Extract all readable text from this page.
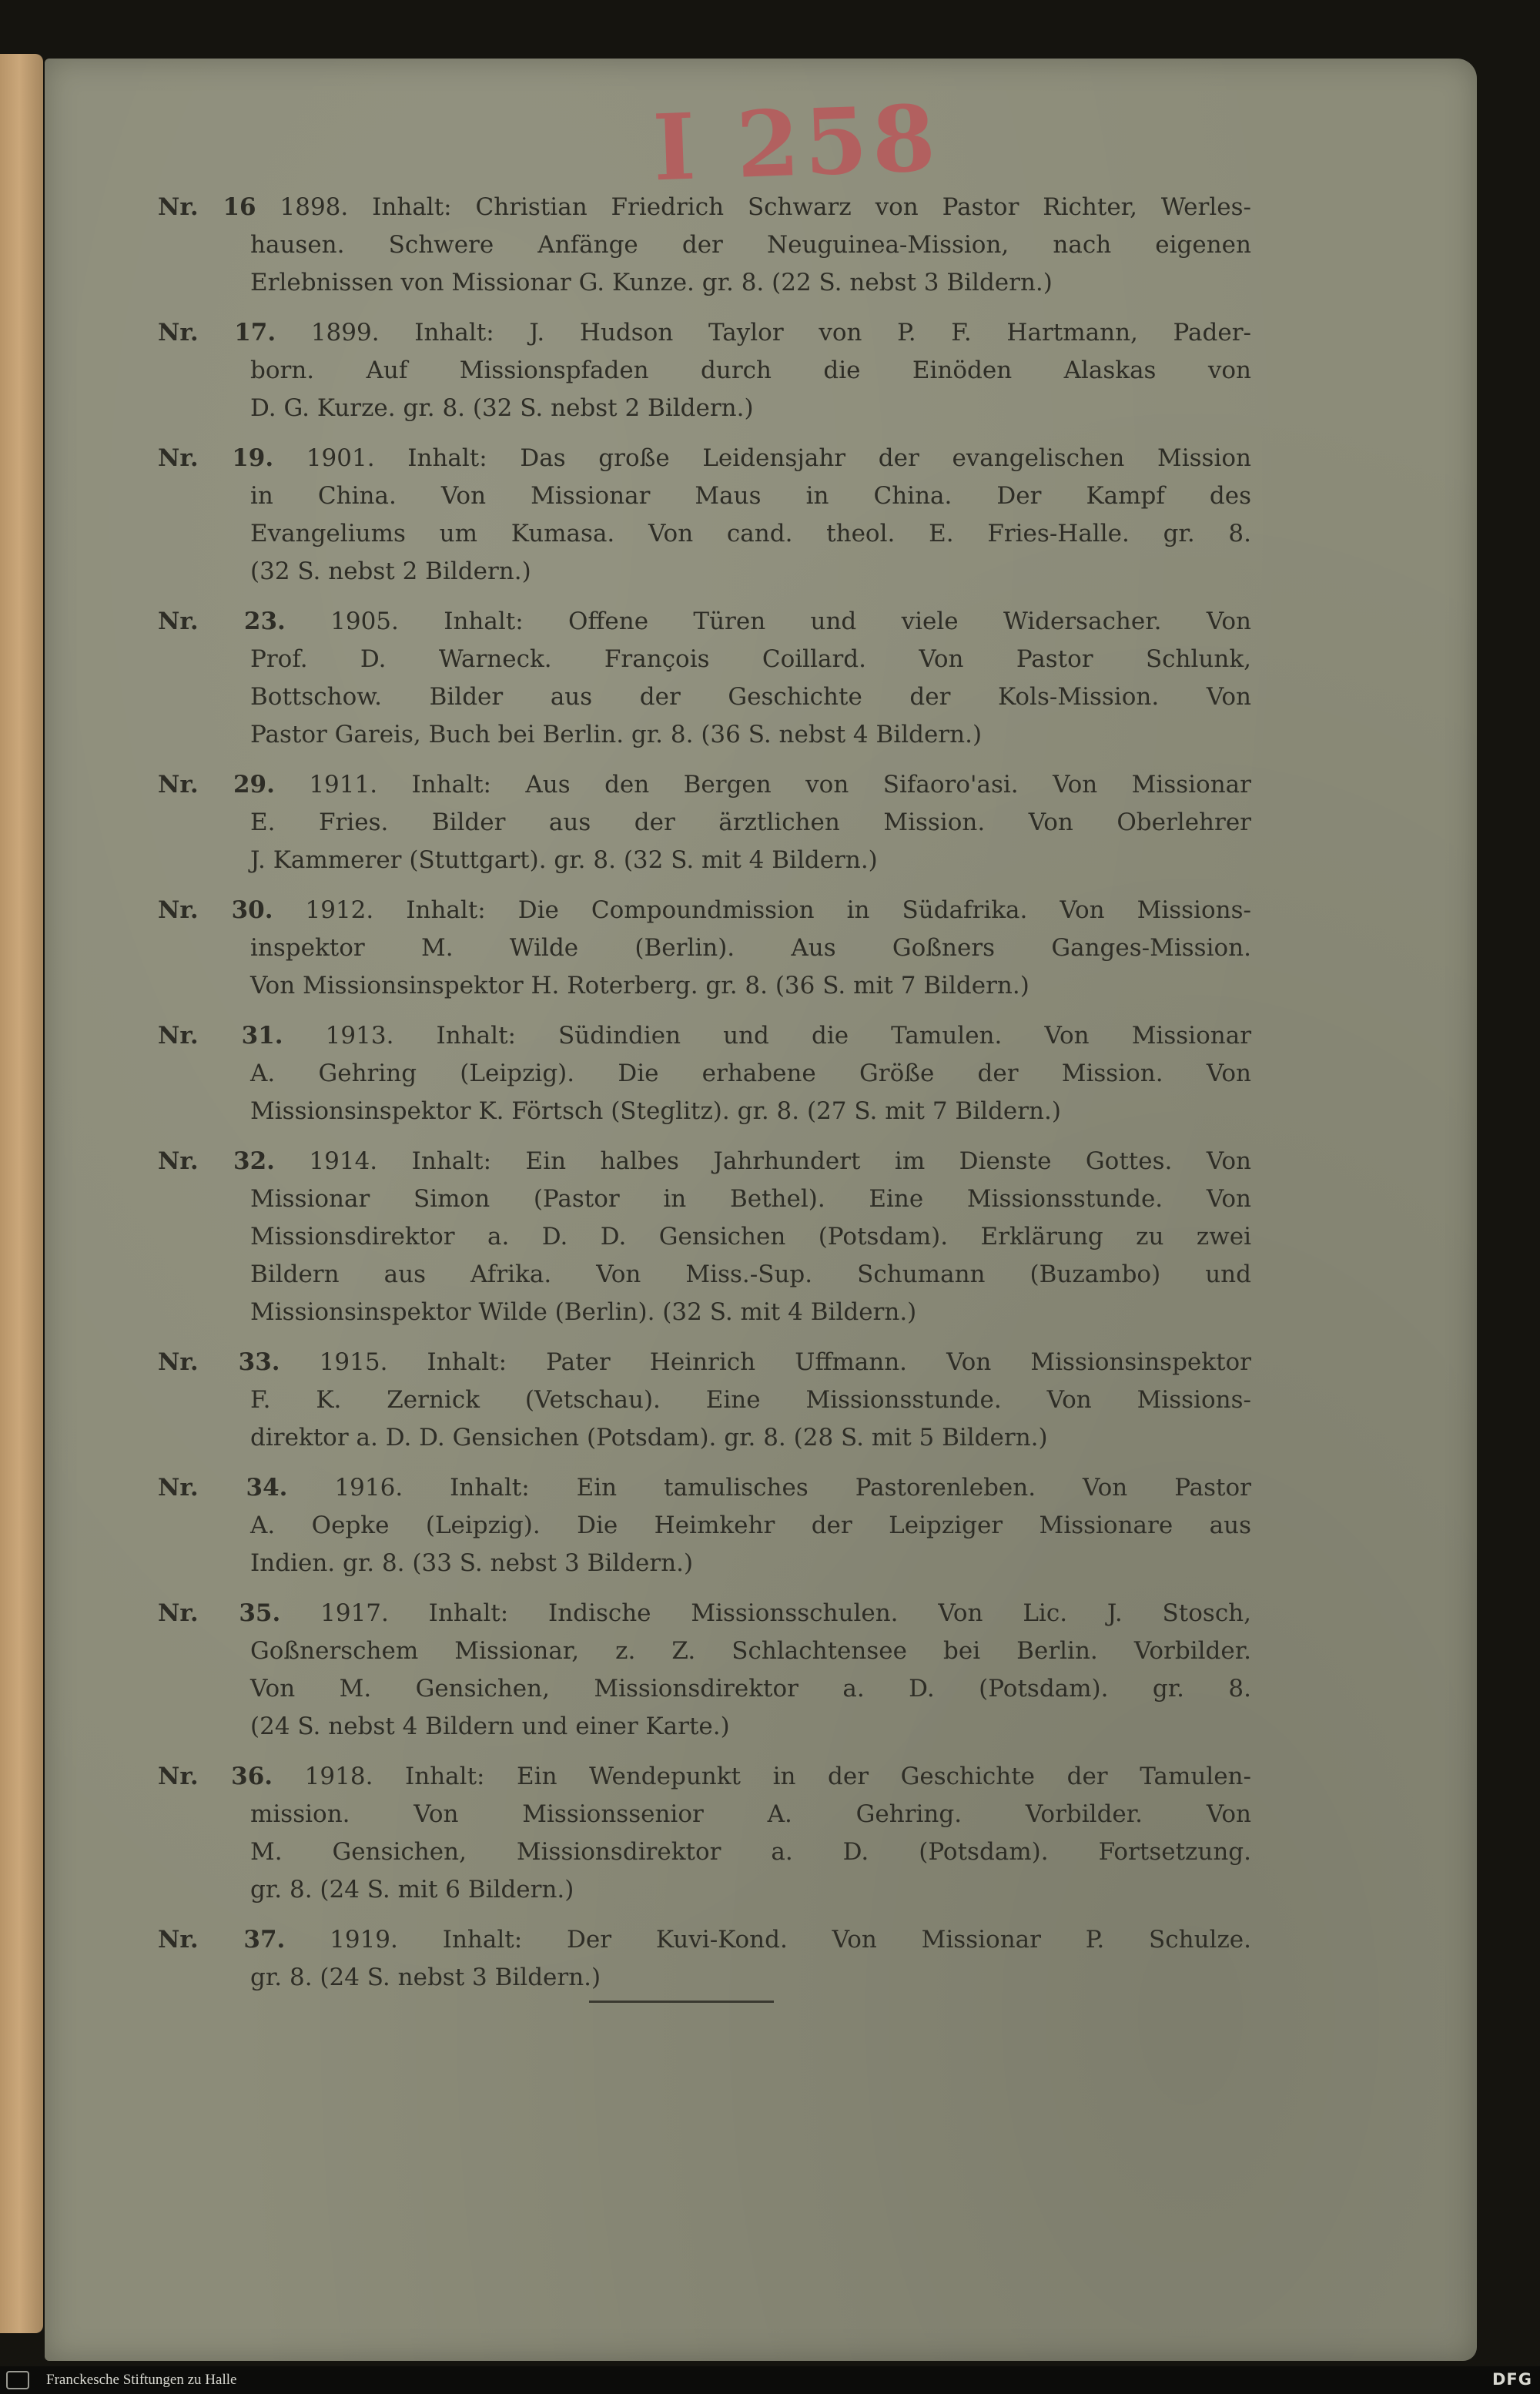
I 258
Nr. 16 1898. Inhalt: Christian Friedrich Schwarz von Pastor Richter, Werles-
hausen. Schwere Anfänge der Neuguinea-Mission, nach eigenen
Erlebnissen von Missionar G. Kunze. gr. 8. (22 S. nebst 3 Bildern.)
Nr. 17. 1899. Inhalt: J. Hudson Taylor von P. F. Hartmann, Pader-
born. Auf Missionspfaden durch die Einöden Alaskas von
D. G. Kurze. gr. 8. (32 S. nebst 2 Bildern.)
Nr. 19. 1901. Inhalt: Das große Leidensjahr der evangelischen Mission
in China. Von Missionar Maus in China. Der Kampf des
Evangeliums um Kumasa. Von cand. theol. E. Fries-Halle. gr. 8.
(32 S. nebst 2 Bildern.)
Nr. 23. 1905. Inhalt: Offene Türen und viele Widersacher. Von
Prof. D. Warneck. François Coillard. Von Pastor Schlunk,
Bottschow. Bilder aus der Geschichte der Kols-Mission. Von
Pastor Gareis, Buch bei Berlin. gr. 8. (36 S. nebst 4 Bildern.)
Nr. 29. 1911. Inhalt: Aus den Bergen von Sifaoro'asi. Von Missionar
E. Fries. Bilder aus der ärztlichen Mission. Von Oberlehrer
J. Kammerer (Stuttgart). gr. 8. (32 S. mit 4 Bildern.)
Nr. 30. 1912. Inhalt: Die Compoundmission in Südafrika. Von Missions-
inspektor M. Wilde (Berlin). Aus Goßners Ganges-Mission.
Von Missionsinspektor H. Roterberg. gr. 8. (36 S. mit 7 Bildern.)
Nr. 31. 1913. Inhalt: Südindien und die Tamulen. Von Missionar
A. Gehring (Leipzig). Die erhabene Größe der Mission. Von
Missionsinspektor K. Förtsch (Steglitz). gr. 8. (27 S. mit 7 Bildern.)
Nr. 32. 1914. Inhalt: Ein halbes Jahrhundert im Dienste Gottes. Von
Missionar Simon (Pastor in Bethel). Eine Missionsstunde. Von
Missionsdirektor a. D. D. Gensichen (Potsdam). Erklärung zu zwei
Bildern aus Afrika. Von Miss.-Sup. Schumann (Buzambo) und
Missionsinspektor Wilde (Berlin). (32 S. mit 4 Bildern.)
Nr. 33. 1915. Inhalt: Pater Heinrich Uffmann. Von Missionsinspektor
F. K. Zernick (Vetschau). Eine Missionsstunde. Von Missions-
direktor a. D. D. Gensichen (Potsdam). gr. 8. (28 S. mit 5 Bildern.)
Nr. 34. 1916. Inhalt: Ein tamulisches Pastorenleben. Von Pastor
A. Oepke (Leipzig). Die Heimkehr der Leipziger Missionare aus
Indien. gr. 8. (33 S. nebst 3 Bildern.)
Nr. 35. 1917. Inhalt: Indische Missionsschulen. Von Lic. J. Stosch,
Goßnerschem Missionar, z. Z. Schlachtensee bei Berlin. Vorbilder.
Von M. Gensichen, Missionsdirektor a. D. (Potsdam). gr. 8.
(24 S. nebst 4 Bildern und einer Karte.)
Nr. 36. 1918. Inhalt: Ein Wendepunkt in der Geschichte der Tamulen-
mission. Von Missionssenior A. Gehring. Vorbilder. Von
M. Gensichen, Missionsdirektor a. D. (Potsdam). Fortsetzung.
gr. 8. (24 S. mit 6 Bildern.)
Nr. 37. 1919. Inhalt: Der Kuvi-Kond. Von Missionar P. Schulze.
gr. 8. (24 S. nebst 3 Bildern.)
Franckesche Stiftungen zu Halle	DFG
